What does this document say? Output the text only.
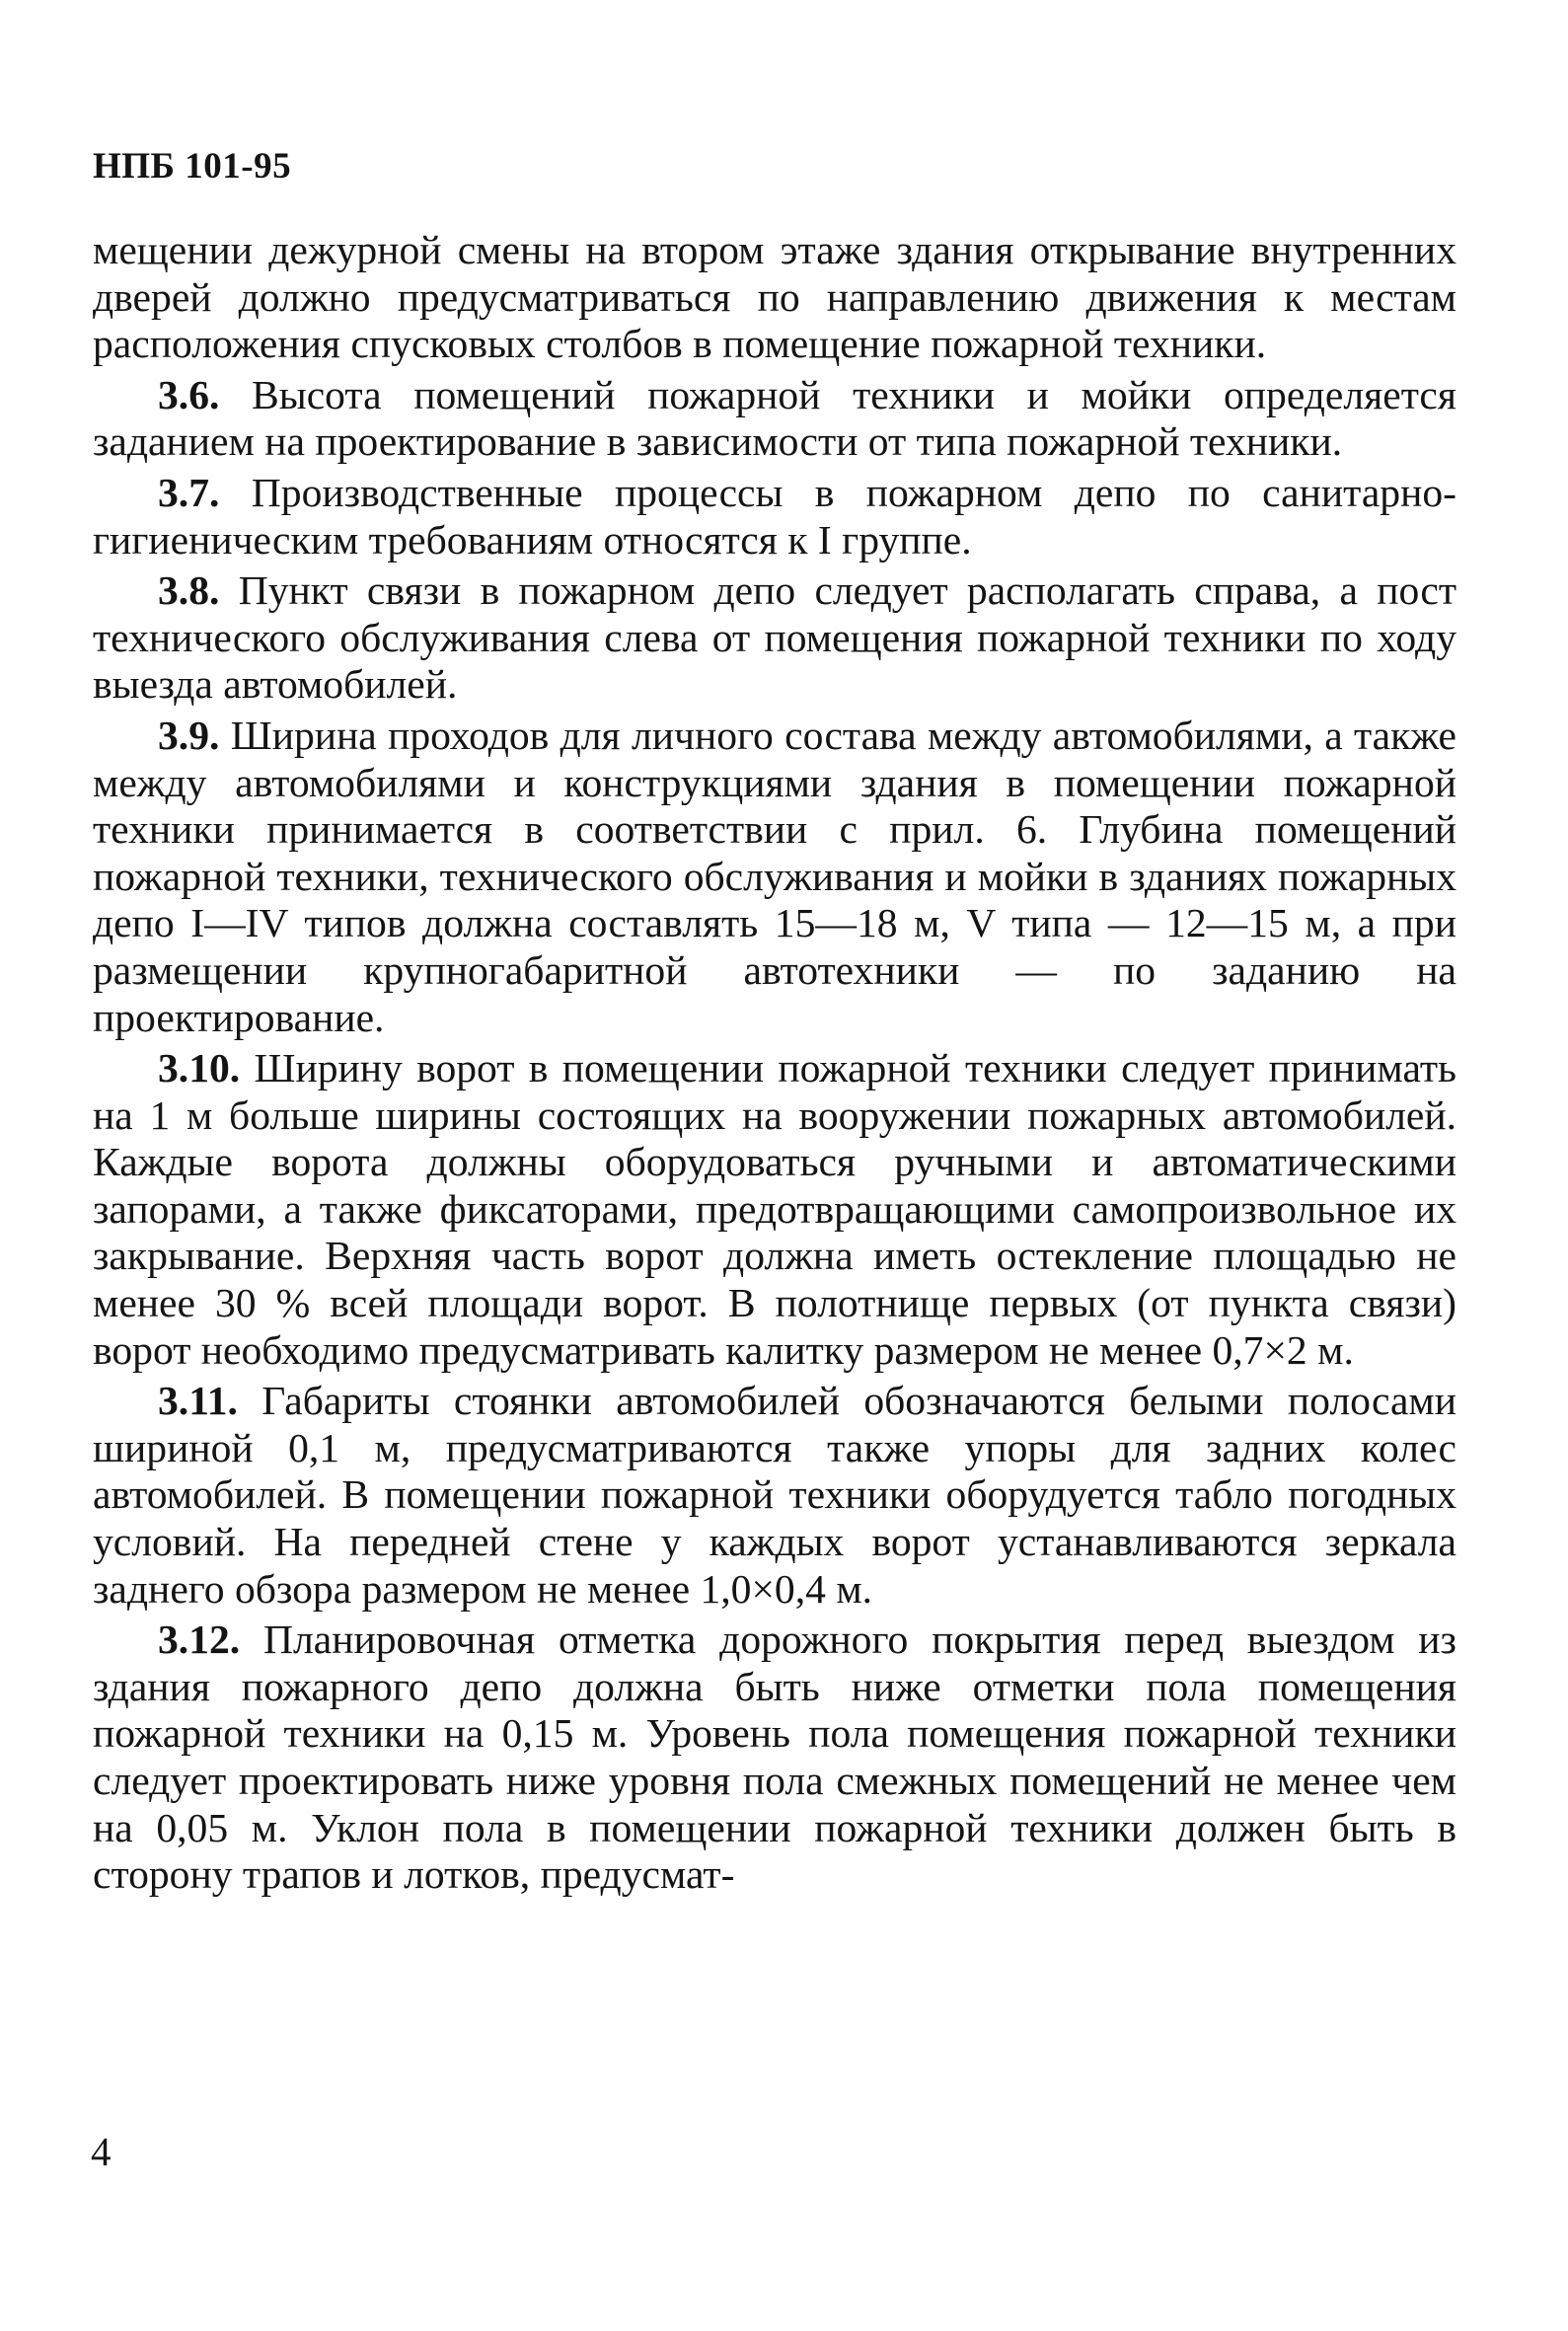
НПБ 101-95

мещении дежурной смены на втором этаже здания открывание внутренних дверей должно предусматриваться по направлению движения к местам расположения спусковых столбов в помещение пожарной техники.

3.6. Высота помещений пожарной техники и мойки определяется заданием на проектирование в зависимости от типа пожарной техники.

3.7. Производственные процессы в пожарном депо по санитарно-гигиеническим требованиям относятся к I группе.

3.8. Пункт связи в пожарном депо следует располагать справа, а пост технического обслуживания слева от помещения пожарной техники по ходу выезда автомобилей.

3.9. Ширина проходов для личного состава между автомобилями, а также между автомобилями и конструкциями здания в помещении пожарной техники принимается в соответствии с прил. 6. Глубина помещений пожарной техники, технического обслуживания и мойки в зданиях пожарных депо I—IV типов должна составлять 15—18 м, V типа — 12—15 м, а при размещении крупногабаритной автотехники — по заданию на проектирование.

3.10. Ширину ворот в помещении пожарной техники следует принимать на 1 м больше ширины состоящих на вооружении пожарных автомобилей. Каждые ворота должны оборудоваться ручными и автоматическими запорами, а также фиксаторами, предотвращающими самопроизвольное их закрывание. Верхняя часть ворот должна иметь остекление площадью не менее 30 % всей площади ворот. В полотнище первых (от пункта связи) ворот необходимо предусматривать калитку размером не менее 0,7×2 м.

3.11. Габариты стоянки автомобилей обозначаются белыми полосами шириной 0,1 м, предусматриваются также упоры для задних колес автомобилей. В помещении пожарной техники оборудуется табло погодных условий. На передней стене у каждых ворот устанавливаются зеркала заднего обзора размером не менее 1,0×0,4 м.

3.12. Планировочная отметка дорожного покрытия перед выездом из здания пожарного депо должна быть ниже отметки пола помещения пожарной техники на 0,15 м. Уровень пола помещения пожарной техники следует проектировать ниже уровня пола смежных помещений не менее чем на 0,05 м. Уклон пола в помещении пожарной техники должен быть в сторону трапов и лотков, предусмат-

4
